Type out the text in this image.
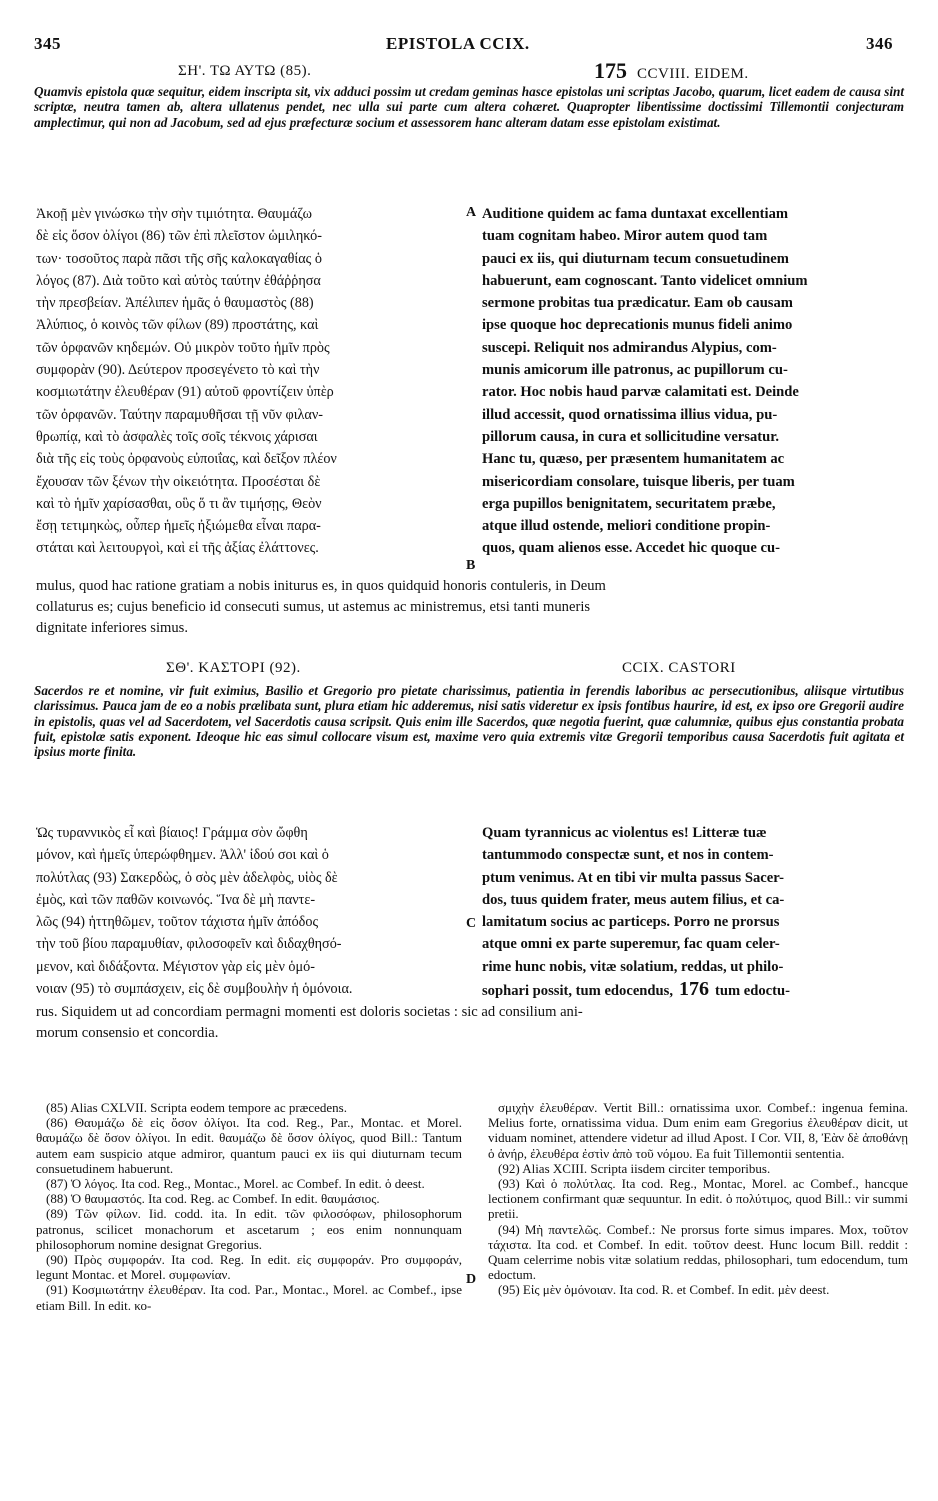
345	EPISTOLA CCIX.	346
ΣΗ'. ΤΩ ΑΥΤΩ (85).	175 CCVIII. EIDEM.
Quamvis epistola quæ sequitur, eidem inscripta sit, vix adduci possim ut credam geminas hasce epistolas uni scriptas Jacobo, quarum, licet eadem de causa sint scriptæ, neutra tamen ab, altera ullatenus pendet, nec ulla sui parte cum altera cohæret. Quapropter libentissime doctissimi Tillemontii conjecturam amplectimur, qui non ad Jacobum, sed ad ejus præfecturæ socium et assessorem hanc alteram datam esse epistolam existimat.
Ἀκοῇ μὲν γινώσκω τὴν σὴν τιμιότητα. Θαυμάζω
δὲ εἰς ὅσον ὀλίγοι (86) τῶν ἐπὶ πλεῖστον ὡμιληκό-
των· τοσοῦτος παρὰ πᾶσι τῆς σῆς καλοκαγαθίας ὁ
λόγος (87). Διὰ τοῦτο καὶ αὐτὸς ταύτην ἐθάῤῥησα
τὴν πρεσβείαν. Ἀπέλιπεν ἡμᾶς ὁ θαυμαστὸς (88)
Ἀλύπιος, ὁ κοινὸς τῶν φίλων (89) προστάτης, καὶ
τῶν ὀρφανῶν κηδεμών. Οὐ μικρὸν τοῦτο ἡμῖν πρὸς
συμφορὰν (90). Δεύτερον προσεγένετο τὸ καὶ τὴν
κοσμιωτάτην ἐλευθέραν (91) αὐτοῦ φροντίζειν ὑπὲρ
τῶν ὀρφανῶν. Ταύτην παραμυθῆσαι τῇ νῦν φιλαν-
θρωπίᾳ, καὶ τὸ ἀσφαλὲς τοῖς σοῖς τέκνοις χάρισαι
διὰ τῆς εἰς τοὺς ὀρφανοὺς εὐποιΐας, καὶ δεῖξον πλέον
ἔχουσαν τῶν ξένων τὴν οἰκειότητα. Προσέσται δὲ
καὶ τὸ ἡμῖν χαρίσασθαι, οὓς ὅ τι ἂν τιμήσῃς, Θεὸν
ἔσῃ τετιμηκὼς, οὗπερ ἡμεῖς ἠξιώμεθα εἶναι παρα-
στάται καὶ λειτουργοὶ, καὶ εἰ τῆς ἀξίας ἐλάττονες.
A
B
Auditione quidem ac fama duntaxat excellentiam
tuam cognitam habeo. Miror autem quod tam
pauci ex iis, qui diuturnam tecum consuetudinem
habuerunt, eam cognoscant. Tanto videlicet omnium
sermone probitas tua prædicatur. Eam ob causam
ipse quoque hoc deprecationis munus fideli animo
suscepi. Reliquit nos admirandus Alypius, com-
munis amicorum ille patronus, ac pupillorum cu-
rator. Hoc nobis haud parvæ calamitati est. Deinde
illud accessit, quod ornatissima illius vidua, pu-
pillorum causa, in cura et sollicitudine versatur.
Hanc tu, quæso, per præsentem humanitatem ac
misericordiam consolare, tuisque liberis, per tuam
erga pupillos benignitatem, securitatem præbe,
atque illud ostende, meliori conditione propin-
quos, quam alienos esse. Accedet hic quoque cu-
mulus, quod hac ratione gratiam a nobis initurus es, in quos quidquid honoris contuleris, in Deum
collaturus es; cujus beneficio id consecuti sumus, ut astemus ac ministremus, etsi tanti muneris
dignitate inferiores simus.
ΣΘ'. ΚΑΣΤΟΡΙ (92).	CCIX. CASTORI
Sacerdos re et nomine, vir fuit eximius, Basilio et Gregorio pro pietate charissimus, patientia in ferendis laboribus ac persecutionibus, aliisque virtutibus clarissimus. Pauca jam de eo a nobis prælibata sunt, plura etiam hic adderemus, nisi satis videretur ex ipsis fontibus haurire, id est, ex ipso ore Gregorii audire in epistolis, quas vel ad Sacerdotem, vel Sacerdotis causa scripsit. Quis enim ille Sacerdos, quæ negotia fuerint, quæ calumniæ, quibus ejus constantia probata fuit, epistolæ satis exponent. Ideoque hic eas simul collocare visum est, maxime vero quia extremis vitæ Gregorii temporibus causa Sacerdotis fuit agitata et ipsius morte finita.
Ὡς τυραννικὸς εἶ καὶ βίαιος! Γράμμα σὸν ὤφθη
μόνον, καὶ ἡμεῖς ὑπερώφθημεν. Ἀλλ' ἰδού σοι καὶ ὁ
πολύτλας (93) Σακερδὼς, ὁ σὸς μὲν ἀδελφὸς, υἱὸς δὲ
ἐμὸς, καὶ τῶν παθῶν κοινωνός. Ἵνα δὲ μὴ παντε-
λῶς (94) ἡττηθῶμεν, τοῦτον τάχιστα ἡμῖν ἀπόδος
τὴν τοῦ βίου παραμυθίαν, φιλοσοφεῖν καὶ διδαχθησό-
μενον, καὶ διδάξοντα. Μέγιστον γὰρ εἰς μὲν ὁμό-
νοιαν (95) τὸ συμπάσχειν, εἰς δὲ συμβουλὴν ἡ ὁμόνοια.
C
Quam tyrannicus ac violentus es! Litteræ tuæ
tantummodo conspectæ sunt, et nos in contem-
ptum venimus. At en tibi vir multa passus Sacer-
dos, tuus quidem frater, meus autem filius, et ca-
lamitatum socius ac particeps. Porro ne prorsus
atque omni ex parte superemur, fac quam celer-
rime hunc nobis, vitæ solatium, reddas, ut philo-
sophari possit, tum edocendus, 176 tum edoctu-
rus. Siquidem ut ad concordiam permagni momenti est doloris societas : sic ad consilium ani-
morum consensio et concordia.

(85) Alias CXLVII. Scripta eodem tempore ac præcedens.

(86) Θαυμάζω δὲ εἰς ὅσον ὀλίγοι. Ita cod. Reg., Par., Montac. et Morel. θαυμάζω δὲ ὅσον ὀλίγοι. In edit. θαυμάζω δὲ ὅσον ὀλίγος, quod Bill.: Tantum autem eam suspicio atque admiror, quantum pauci ex iis qui diuturnam tecum consuetudinem habuerunt.

(87) Ὁ λόγος. Ita cod. Reg., Montac., Morel. ac Combef. In edit. ὁ deest.

(88) Ὁ θαυμαστός. Ita cod. Reg. ac Combef. In edit. θαυμάσιος.

(89) Τῶν φίλων. Iid. codd. ita. In edit. τῶν φιλοσόφων, philosophorum patronus, scilicet monachorum et ascetarum ; eos enim nonnunquam philosophorum nomine designat Gregorius.

(90) Πρὸς συμφοράν. Ita cod. Reg. In edit. εἰς συμφοράν. Pro συμφοράν, legunt Montac. et Morel. συμφωνίαν.

(91) Κοσμιωτάτην ἐλευθέραν. Ita cod. Par., Montac., Morel. ac Combef., ipse etiam Bill. In edit. κο-

D

σμιχὴν ἐλευθέραν. Vertit Bill.: ornatissima uxor. Combef.: ingenua femina. Melius forte, ornatissima vidua. Dum enim eam Gregorius ἐλευθέραν dicit, ut viduam nominet, attendere videtur ad illud Apost. I Cor. VII, 8, Ἐὰν δὲ ἀποθάνῃ ὁ ἀνήρ, ἐλευθέρα ἐστὶν ἀπὸ τοῦ νόμου. Ea fuit Tillemontii sententia.

(92) Alias XCIII. Scripta iisdem circiter temporibus.

(93) Καὶ ὁ πολύτλας. Ita cod. Reg., Montac, Morel. ac Combef., hancque lectionem confirmant quæ sequuntur. In edit. ὁ πολύτιμος, quod Bill.: vir summi pretii.

(94) Μὴ παντελῶς. Combef.: Ne prorsus forte simus impares. Mox, τοῦτον τάχιστα. Ita cod. et Combef. In edit. τοῦτον deest. Hunc locum Bill. reddit : Quam celerrime nobis vitæ solatium reddas, philosophari, tum edocendum, tum edoctum.

(95) Εἰς μὲν ὁμόνοιαν. Ita cod. R. et Combef. In edit. μὲν deest.
